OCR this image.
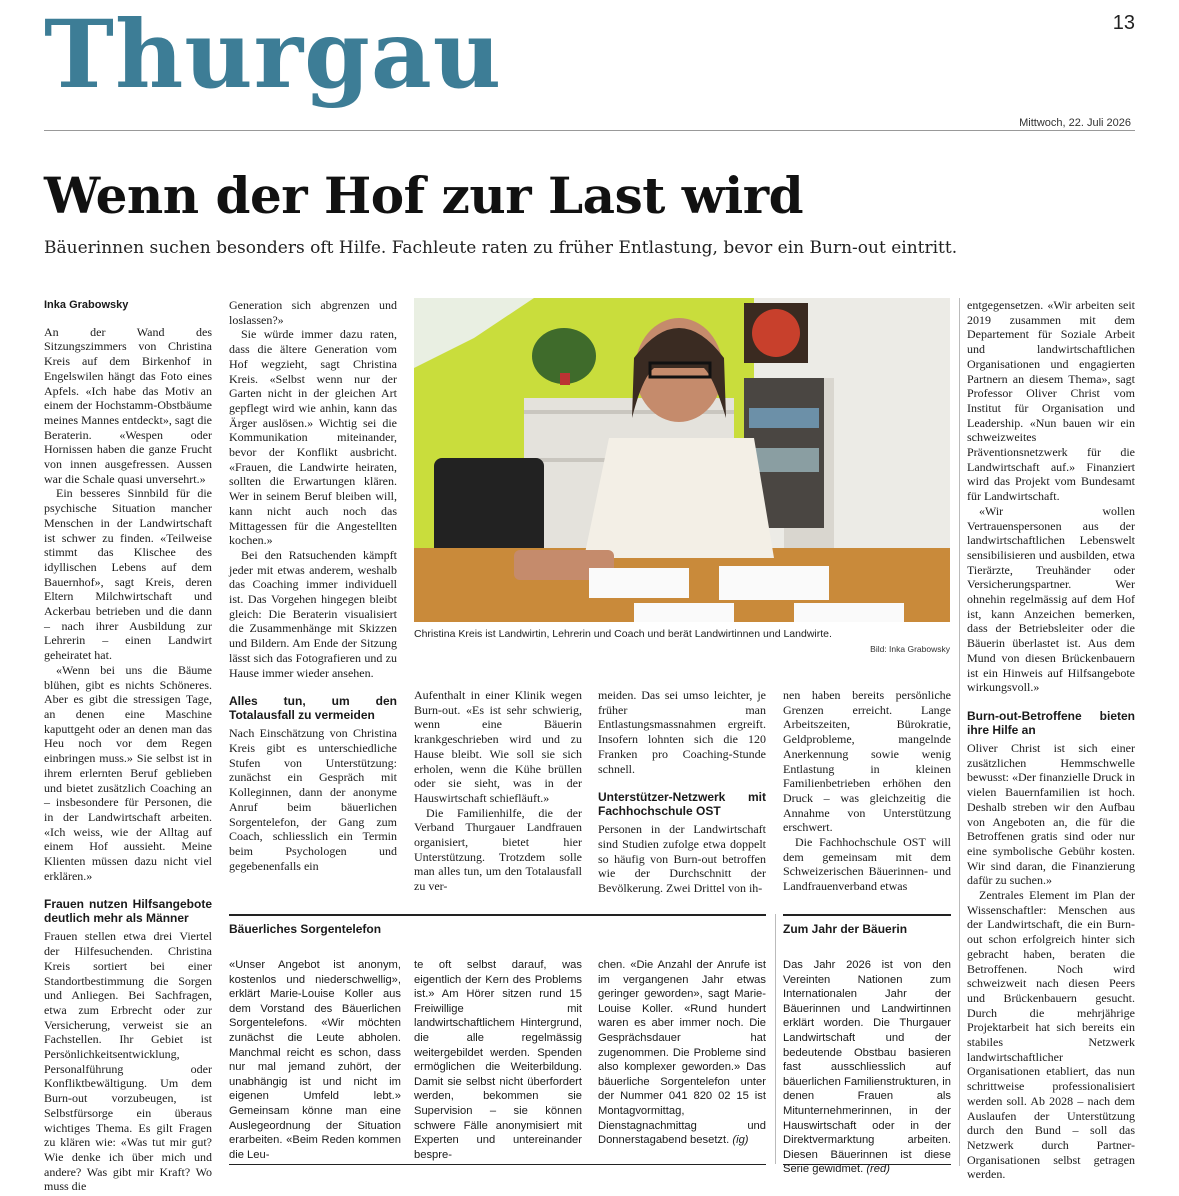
Thurgau	13
Mittwoch, 22. Juli 2026
Wenn der Hof zur Last wird
Bäuerinnen suchen besonders oft Hilfe. Fachleute raten zu früher Entlastung, bevor ein Burn-out eintritt.
Inka Grabowsky

An der Wand des Sitzungszimmers von Christina Kreis auf dem Birkenhof in Engelswilen hängt das Foto eines Apfels. «Ich habe das Motiv an einem der Hochstamm-Obstbäume meines Mannes entdeckt», sagt die Beraterin. «Wespen oder Hornissen haben die ganze Frucht von innen ausgefressen. Aussen war die Schale quasi unversehrt.»

Ein besseres Sinnbild für die psychische Situation mancher Menschen in der Landwirtschaft ist schwer zu finden. «Teilweise stimmt das Klischee des idyllischen Lebens auf dem Bauernhof», sagt Kreis, deren Eltern Milchwirtschaft und Ackerbau betrieben und die dann – nach ihrer Ausbildung zur Lehrerin – einen Landwirt geheiratet hat.

«Wenn bei uns die Bäume blühen, gibt es nichts Schöneres. Aber es gibt die stressigen Tage, an denen eine Maschine kaputtgeht oder an denen man das Heu noch vor dem Regen einbringen muss.» Sie selbst ist in ihrem erlernten Beruf geblieben und bietet zusätzlich Coaching an – insbesondere für Personen, die in der Landwirtschaft arbeiten. «Ich weiss, wie der Alltag auf einem Hof aussieht. Meine Klienten müssen dazu nicht viel erklären.»

Frauen nutzen Hilfsangebote deutlich mehr als Männer

Frauen stellen etwa drei Viertel der Hilfesuchenden. Christina Kreis sortiert bei einer Standortbestimmung die Sorgen und Anliegen. Bei Sachfragen, etwa zum Erbrecht oder zur Versicherung, verweist sie an Fachstellen. Ihr Gebiet ist Persönlichkeitsentwicklung, Personalführung oder Konfliktbewältigung. Um dem Burn-out vorzubeugen, ist Selbstfürsorge ein überaus wichtiges Thema. Es gilt Fragen zu klären wie: «Was tut mir gut? Wie denke ich über mich und andere? Was gibt mir Kraft? Wo muss die

Generation sich abgrenzen und loslassen?»

Sie würde immer dazu raten, dass die ältere Generation vom Hof wegzieht, sagt Christina Kreis. «Selbst wenn nur der Garten nicht in der gleichen Art gepflegt wird wie anhin, kann das Ärger auslösen.» Wichtig sei die Kommunikation miteinander, bevor der Konflikt ausbricht. «Frauen, die Landwirte heiraten, sollten die Erwartungen klären. Wer in seinem Beruf bleiben will, kann nicht auch noch das Mittagessen für die Angestellten kochen.»

Bei den Ratsuchenden kämpft jeder mit etwas anderem, weshalb das Coaching immer individuell ist. Das Vorgehen hingegen bleibt gleich: Die Beraterin visualisiert die Zusammenhänge mit Skizzen und Bildern. Am Ende der Sitzung lässt sich das Fotografieren und zu Hause immer wieder ansehen.

Alles tun, um den Totalausfall zu vermeiden

Nach Einschätzung von Christina Kreis gibt es unterschiedliche Stufen von Unterstützung: zunächst ein Gespräch mit Kolleginnen, dann der anonyme Anruf beim bäuerlichen Sorgentelefon, der Gang zum Coach, schliesslich ein Termin beim Psychologen und gegebenenfalls ein

Christina Kreis ist Landwirtin, Lehrerin und Coach und berät Landwirtinnen und Landwirte.
Bild: Inka Grabowsky

Aufenthalt in einer Klinik wegen Burn-out. «Es ist sehr schwierig, wenn eine Bäuerin krankgeschrieben wird und zu Hause bleibt. Wie soll sie sich erholen, wenn die Kühe brüllen oder sie sieht, was in der Hauswirtschaft schiefläuft.»

Die Familienhilfe, die der Verband Thurgauer Landfrauen organisiert, bietet hier Unterstützung. Trotzdem solle man alles tun, um den Totalausfall zu ver-

meiden. Das sei umso leichter, je früher man Entlastungsmassnahmen ergreift. Insofern lohnten sich die 120 Franken pro Coaching-Stunde schnell.

Unterstützer-Netzwerk mit Fachhochschule OST

Personen in der Landwirtschaft sind Studien zufolge etwa doppelt so häufig von Burn-out betroffen wie der Durchschnitt der Bevölkerung. Zwei Drittel von ih-

nen haben bereits persönliche Grenzen erreicht. Lange Arbeitszeiten, Bürokratie, Geldprobleme, mangelnde Anerkennung sowie wenig Entlastung in kleinen Familienbetrieben erhöhen den Druck – was gleichzeitig die Annahme von Unterstützung erschwert.

Die Fachhochschule OST will dem gemeinsam mit dem Schweizerischen Bäuerinnen- und Landfrauenverband etwas

entgegensetzen. «Wir arbeiten seit 2019 zusammen mit dem Departement für Soziale Arbeit und landwirtschaftlichen Organisationen und engagierten Partnern an diesem Thema», sagt Professor Oliver Christ vom Institut für Organisation und Leadership. «Nun bauen wir ein schweizweites Präventionsnetzwerk für die Landwirtschaft auf.» Finanziert wird das Projekt vom Bundesamt für Landwirtschaft.

«Wir wollen Vertrauenspersonen aus der landwirtschaftlichen Lebenswelt sensibilisieren und ausbilden, etwa Tierärzte, Treuhänder oder Versicherungspartner. Wer ohnehin regelmässig auf dem Hof ist, kann Anzeichen bemerken, dass der Betriebsleiter oder die Bäuerin überlastet ist. Aus dem Mund von diesen Brückenbauern ist ein Hinweis auf Hilfsangebote wirkungsvoll.»

Burn-out-Betroffene bieten ihre Hilfe an

Oliver Christ ist sich einer zusätzlichen Hemmschwelle bewusst: «Der finanzielle Druck in vielen Bauernfamilien ist hoch. Deshalb streben wir den Aufbau von Angeboten an, die für die Betroffenen gratis sind oder nur eine symbolische Gebühr kosten. Wir sind daran, die Finanzierung dafür zu suchen.»

Zentrales Element im Plan der Wissenschaftler: Menschen aus der Landwirtschaft, die ein Burn-out schon erfolgreich hinter sich gebracht haben, beraten die Betroffenen. Noch wird schweizweit nach diesen Peers und Brückenbauern gesucht. Durch die mehrjährige Projektarbeit hat sich bereits ein stabiles Netzwerk landwirtschaftlicher Organisationen etabliert, das nun schrittweise professionalisiert werden soll. Ab 2028 – nach dem Auslaufen der Unterstützung durch den Bund – soll das Netzwerk durch Partner-Organisationen selbst getragen werden.

Bäuerliches Sorgentelefon
«Unser Angebot ist anonym, kostenlos und niederschwellig», erklärt Marie-Louise Koller aus dem Vorstand des Bäuerlichen Sorgentelefons. «Wir möchten zunächst die Leute abholen. Manchmal reicht es schon, dass nur mal jemand zuhört, der unabhängig ist und nicht im eigenen Umfeld lebt.» Gemeinsam könne man eine Auslegeordnung der Situation erarbeiten. «Beim Reden kommen die Leu-
te oft selbst darauf, was eigentlich der Kern des Problems ist.» Am Hörer sitzen rund 15 Freiwillige mit landwirtschaftlichem Hintergrund, die alle regelmässig weitergebildet werden. Spenden ermöglichen die Weiterbildung. Damit sie selbst nicht überfordert werden, bekommen sie Supervision – sie können schwere Fälle anonymisiert mit Experten und untereinander bespre-
chen. «Die Anzahl der Anrufe ist im vergangenen Jahr etwas geringer geworden», sagt Marie-Louise Koller. «Rund hundert waren es aber immer noch. Die Gesprächsdauer hat zugenommen. Die Probleme sind also komplexer geworden.» Das bäuerliche Sorgentelefon unter der Nummer 041 820 02 15 ist Montagvormittag, Dienstagnachmittag und Donnerstagabend besetzt. (ig)
Zum Jahr der Bäuerin
Das Jahr 2026 ist von den Vereinten Nationen zum Internationalen Jahr der Bäuerinnen und Landwirtinnen erklärt worden. Die Thurgauer Landwirtschaft und der bedeutende Obstbau basieren fast ausschliesslich auf bäuerlichen Familienstrukturen, in denen Frauen als Mitunternehmerinnen, in der Hauswirtschaft oder in der Direktvermarktung arbeiten. Diesen Bäuerinnen ist diese Serie gewidmet. (red)
